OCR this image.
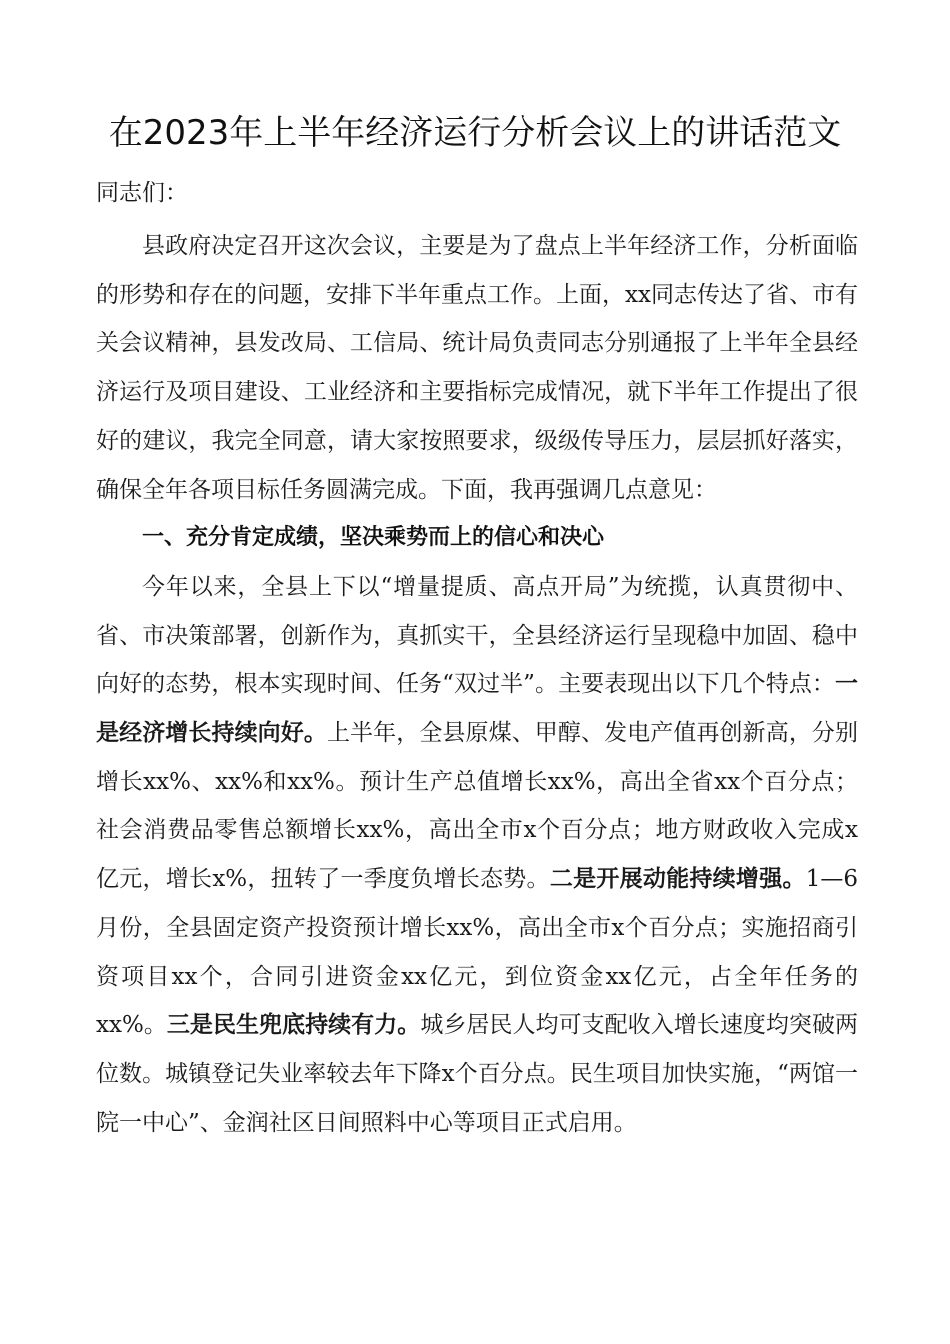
在2023年上半年经济运行分析会议上的讲话范文
同志们：

县政府决定召开这次会议，主要是为了盘点上半年经济工作，分析面临的形势和存在的问题，安排下半年重点工作。上面，xx同志传达了省、市有关会议精神，县发改局、工信局、统计局负责同志分别通报了上半年全县经济运行及项目建设、工业经济和主要指标完成情况，就下半年工作提出了很好的建议，我完全同意，请大家按照要求，级级传导压力，层层抓好落实，确保全年各项目标任务圆满完成。下面，我再强调几点意见：

一、充分肯定成绩，坚决乘势而上的信心和决心

今年以来，全县上下以“增量提质、高点开局”为统揽，认真贯彻中、省、市决策部署，创新作为，真抓实干，全县经济运行呈现稳中加固、稳中向好的态势，根本实现时间、任务“双过半”。主要表现出以下几个特点：一是经济增长持续向好。上半年，全县原煤、甲醇、发电产值再创新高，分别增长xx%、xx%和xx%。预计生产总值增长xx%，高出全省xx个百分点；社会消费品零售总额增长xx%，高出全市x个百分点；地方财政收入完成x亿元，增长x%，扭转了一季度负增长态势。二是开展动能持续增强。1—6月份，全县固定资产投资预计增长xx%，高出全市x个百分点；实施招商引资项目xx个，合同引进资金xx亿元，到位资金xx亿元，占全年任务的xx%。三是民生兜底持续有力。城乡居民人均可支配收入增长速度均突破两位数。城镇登记失业率较去年下降x个百分点。民生项目加快实施，“两馆一院一中心”、金润社区日间照料中心等项目正式启用。
